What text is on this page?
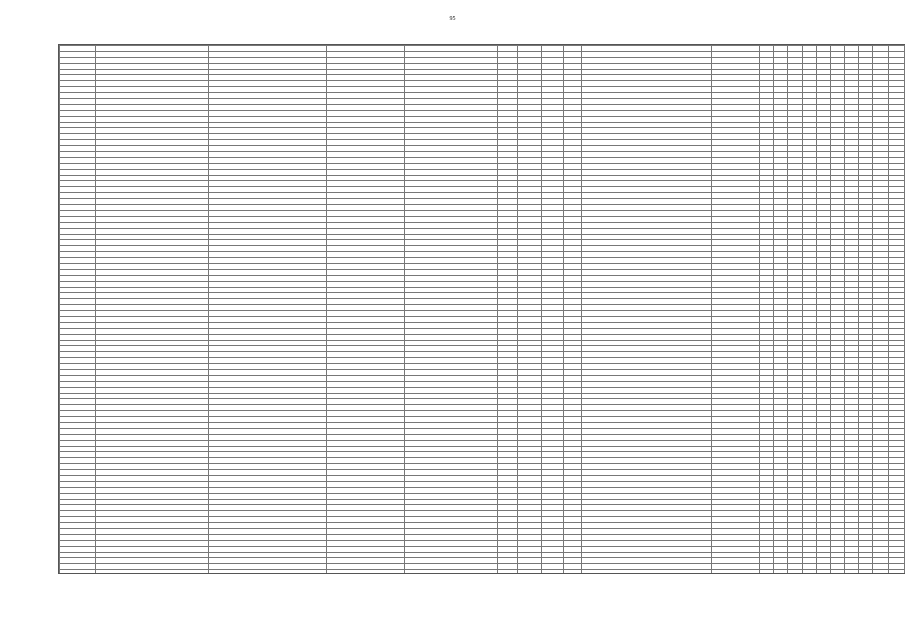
95
